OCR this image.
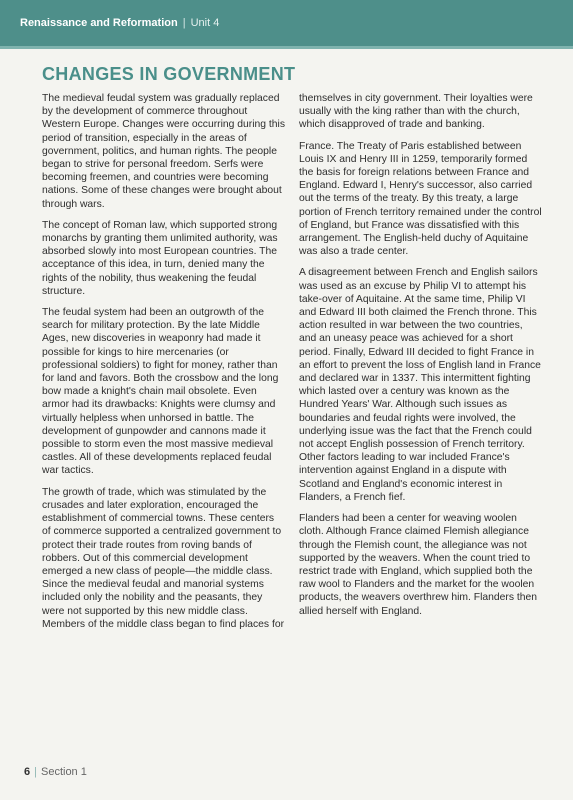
Renaissance and Reformation | Unit 4
CHANGES IN GOVERNMENT

The medieval feudal system was gradually replaced by the development of commerce throughout Western Europe. Changes were occurring during this period of transition, especially in the areas of government, politics, and human rights. The people began to strive for personal freedom. Serfs were becoming freemen, and countries were becoming nations. Some of these changes were brought about through wars.

The concept of Roman law, which supported strong monarchs by granting them unlimited authority, was absorbed slowly into most European countries. The acceptance of this idea, in turn, denied many the rights of the nobility, thus weakening the feudal structure.

The feudal system had been an outgrowth of the search for military protection. By the late Middle Ages, new discoveries in weaponry had made it possible for kings to hire mercenaries (or professional soldiers) to fight for money, rather than for land and favors. Both the crossbow and the long bow made a knight's chain mail obsolete. Even armor had its drawbacks: Knights were clumsy and virtually helpless when unhorsed in battle. The development of gunpowder and cannons made it possible to storm even the most massive medieval castles. All of these developments replaced feudal war tactics.

The growth of trade, which was stimulated by the crusades and later exploration, encouraged the establishment of commercial towns. These centers of commerce supported a centralized government to protect their trade routes from roving bands of robbers. Out of this commercial development emerged a new class of people—the middle class. Since the medieval feudal and manorial systems included only the nobility and the peasants, they were not supported by this new middle class. Members of the middle class began to find places for

themselves in city government. Their loyalties were usually with the king rather than with the church, which disapproved of trade and banking.

France. The Treaty of Paris established between Louis IX and Henry III in 1259, temporarily formed the basis for foreign relations between France and England. Edward I, Henry's successor, also carried out the terms of the treaty. By this treaty, a large portion of French territory remained under the control of England, but France was dissatisfied with this arrangement. The English-held duchy of Aquitaine was also a trade center.

A disagreement between French and English sailors was used as an excuse by Philip VI to attempt his take-over of Aquitaine. At the same time, Philip VI and Edward III both claimed the French throne. This action resulted in war between the two countries, and an uneasy peace was achieved for a short period. Finally, Edward III decided to fight France in an effort to prevent the loss of English land in France and declared war in 1337. This intermittent fighting which lasted over a century was known as the Hundred Years' War. Although such issues as boundaries and feudal rights were involved, the underlying issue was the fact that the French could not accept English possession of French territory. Other factors leading to war included France's intervention against England in a dispute with Scotland and England's economic interest in Flanders, a French fief.

Flanders had been a center for weaving woolen cloth. Although France claimed Flemish allegiance through the Flemish count, the allegiance was not supported by the weavers. When the count tried to restrict trade with England, which supplied both the raw wool to Flanders and the market for the woolen products, the weavers overthrew him. Flanders then allied herself with England.

6 | Section 1
